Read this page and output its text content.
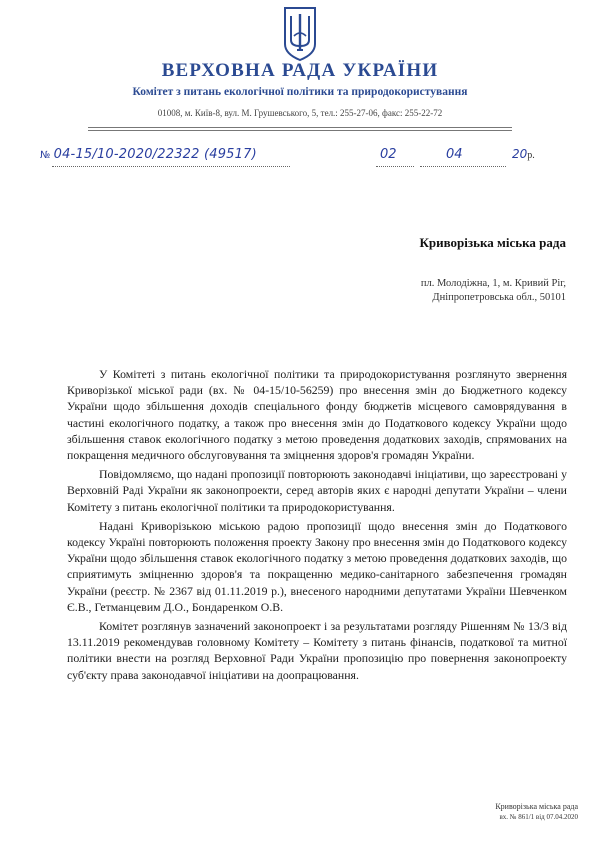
ВЕРХОВНА РАДА УКРАЇНИ
Комітет з питань екологічної політики та природокористування
01008, м. Київ-8, вул. М. Грушевського, 5, тел.: 255-27-06, факс: 255-22-72
№ 04-15/10-2020/22322 (49517)	02	04	20р.
Криворізька міська рада
пл. Молодіжна, 1, м. Кривий Ріг,
Дніпропетровська обл., 50101

У Комітеті з питань екологічної політики та природокористування розглянуто звернення Криворізької міської ради (вх. № 04-15/10-56259) про внесення змін до Бюджетного кодексу України щодо збільшення доходів спеціального фонду бюджетів місцевого самоврядування в частині екологічного податку, а також про внесення змін до Податкового кодексу України щодо збільшення ставок екологічного податку з метою проведення додаткових заходів, спрямованих на покращення медичного обслуговування та зміцнення здоров'я громадян України.

Повідомляємо, що надані пропозиції повторюють законодавчі ініціативи, що зареєстровані у Верховній Раді України як законопроекти, серед авторів яких є народні депутати України – члени Комітету з питань екологічної політики та природокористування.

Надані Криворізькою міською радою пропозиції щодо внесення змін до Податкового кодексу Україні повторюють положення проекту Закону про внесення змін до Податкового кодексу України щодо збільшення ставок екологічного податку з метою проведення додаткових заходів, що сприятимуть зміцненню здоров'я та покращенню медико-санітарного забезпечення громадян України (реєстр. № 2367 від 01.11.2019 р.), внесеного народними депутатами України Шевченком Є.В., Гетманцевим Д.О., Бондаренком О.В.

Комітет розглянув зазначений законопроект і за результатами розгляду Рішенням № 13/3 від 13.11.2019 рекомендував головному Комітету – Комітету з питань фінансів, податкової та митної політики внести на розгляд Верховної Ради України пропозицію про повернення законопроекту суб'єкту права законодавчої ініціативи на доопрацювання.

Криворізька міська рада
вх. № 861/1 від 07.04.2020
